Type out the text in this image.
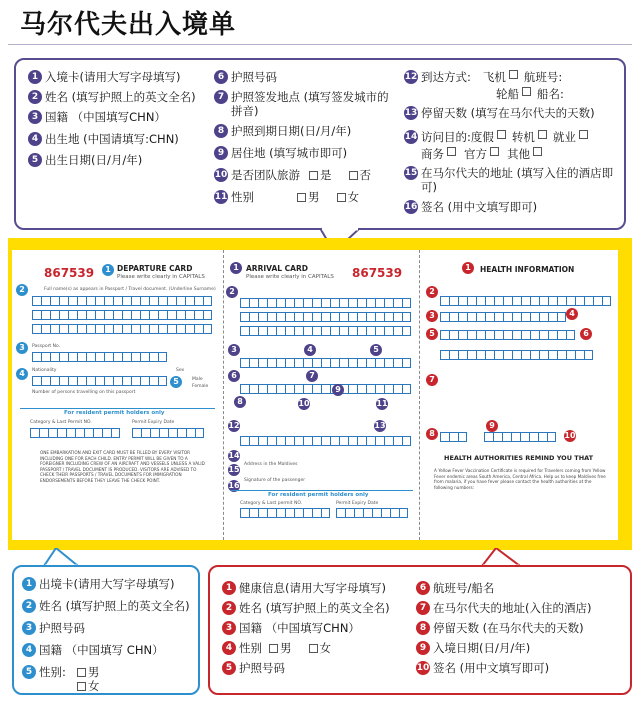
马尔代夫出入境单
1 入境卡(请用大写字母填写)
2 姓名 (填写护照上的英文全名)
3 国籍 （中国填写CHN）
4 出生地 (中国请填写:CHN)
5 出生日期(日/月/年)
6 护照号码
7 护照签发地点 (填写签发城市的拼音)
8 护照到期日期(日/月/年)
9 居住地 (填写城市即可)
10 是否团队旅游	是	否
11 性别	男	女
12 到达方式: 飞机 航班号:
轮船 船名:
13 停留天数 (填写在马尔代夫的天数)
14 访问目的:度假 转机 就业
商务 官方 其他
15 在马尔代夫的地址 (填写入住的酒店即可)
16 签名 (用中文填写即可)
867539	1 DEPARTURE CARD
Please write clearly in CAPITALS
2	Full name(s) as appears in Passport / Travel document. (Underline Surname)
3	Passport No.
4	Nationality	Sex
5	Male
Female
Number of persons travelling on this passport
For resident permit holders only
Category & Last Permit NO.	Permit Expiry Date
ONE EMBARKATION AND EXIT CARD MUST BE FILLED BY EVERY VISITOR INCLUDING ONE FOR EACH CHILD. ENTRY PERMIT WILL BE GIVEN TO A FOREIGNER INCLUDING CREW OF AN AIRCRAFT AND VESSELS UNLESS A VALID PASSPORT / TRAVEL DOCUMENT IS PRODUCED. VISITORS ARE ADVISED TO CHECK THEIR PASSPORTS / TRAVEL DOCUMENTS FOR IMMIGRATION ENDORSEMENTS BEFORE THEY LEAVE THE CHECK POINT.
1 ARRIVAL CARD
Please write clearly in CAPITALS 867539
2
3	4	5
6	7
8
9
10	11
12	13
14
15
Address in the Maldives
16
Signature of the passenger
For resident permit holders only
Category & Last permit NO.	Permit Expiry Date
1	HEALTH INFORMATION
2
3	4
5	6
7
8
9
10
HEALTH AUTHORITIES REMIND YOU THAT
A Yellow Fever Vaccination Certificate is required for Travelers coming from Yellow Fever endemic areas South America, Central Africa. Help us to keep Maldives free from malaria, if you have fever please contact the health authorities at the following numbers:
1 出境卡(请用大写字母填写)
2 姓名 (填写护照上的英文全名)
3 护照号码
4 国籍 （中国填写 CHN）
5 性别:	男
女
1 健康信息(请用大写字母填写)
2 姓名 (填写护照上的英文全名)
3 国籍 （中国填写CHN）
4 性别	男	女
5 护照号码
6 航班号/船名
7 在马尔代夫的地址(入住的酒店)
8 停留天数 (在马尔代夫的天数)
9 入境日期(日/月/年)
10 签名 (用中文填写即可)
